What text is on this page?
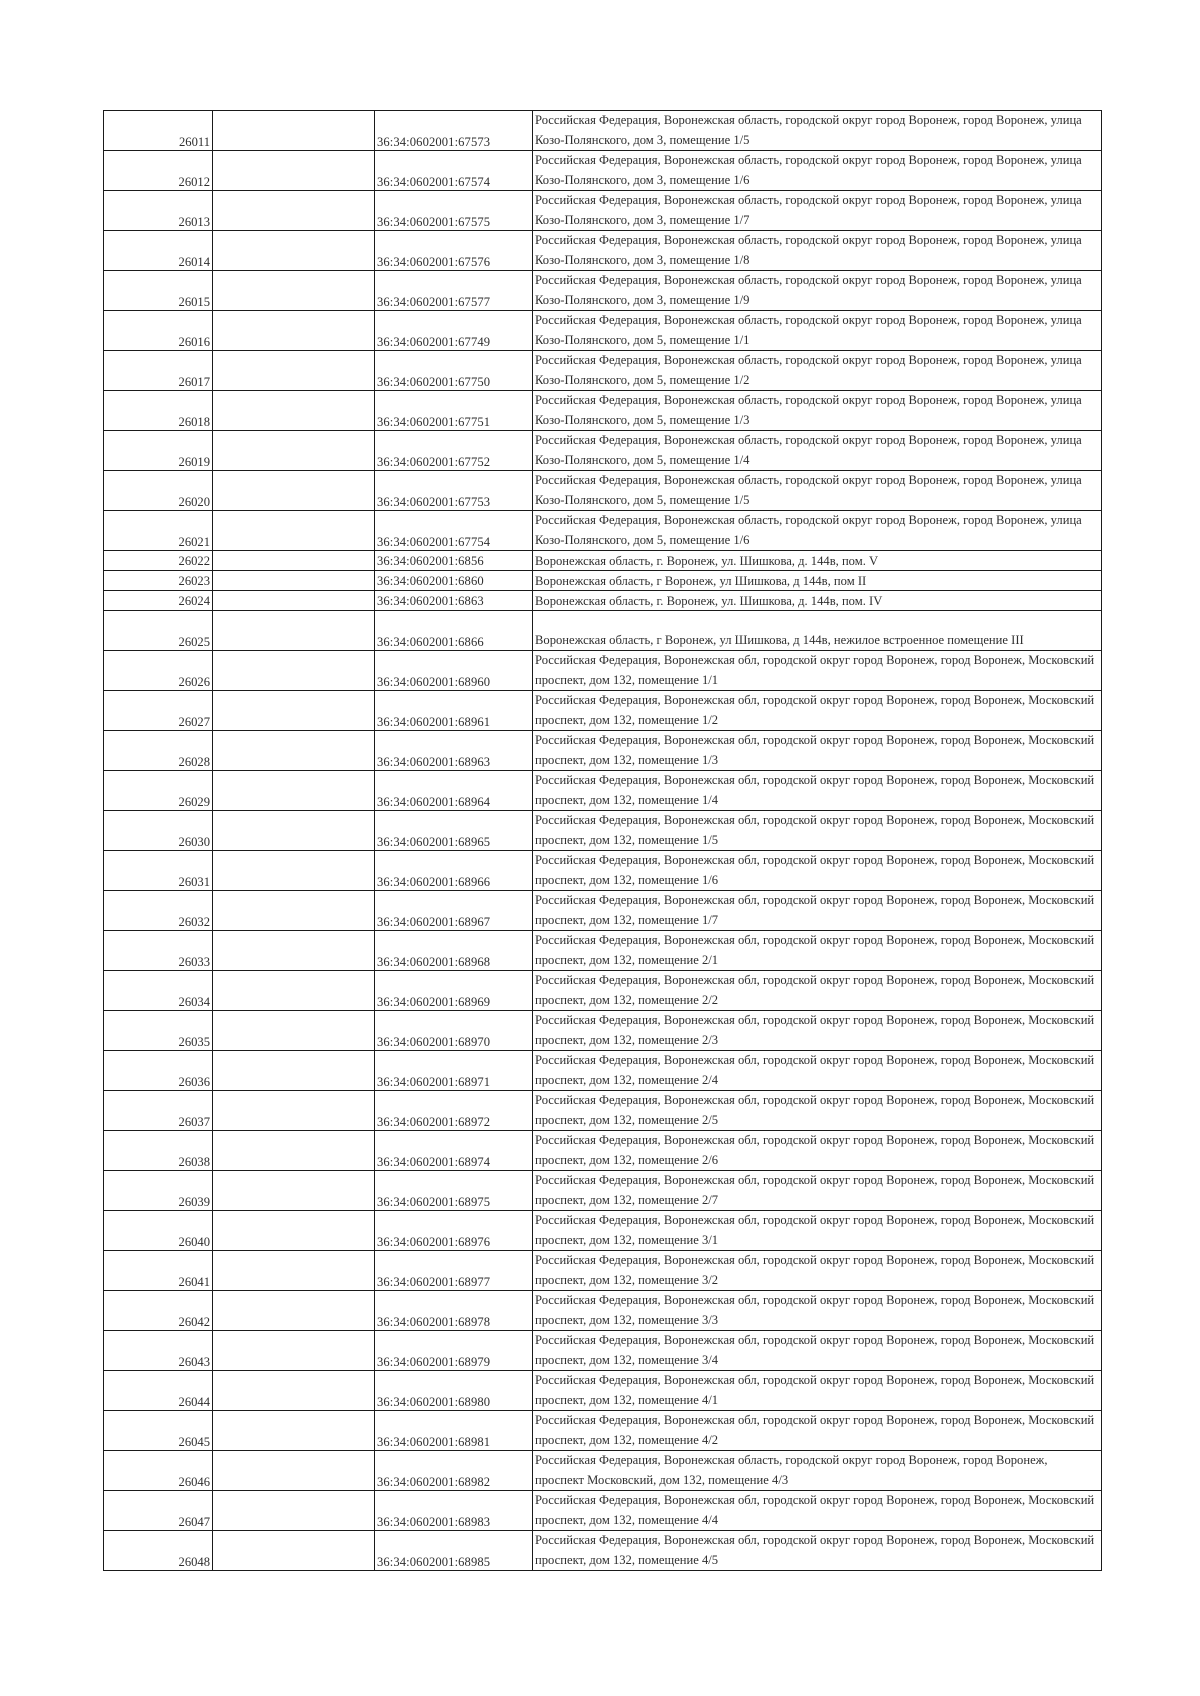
26011		36:34:0602001:67573	Российская Федерация, Воронежская область, городской округ город Воронеж, город Воронеж, улица Козо-Полянского, дом 3, помещение 1/5
26012		36:34:0602001:67574	Российская Федерация, Воронежская область, городской округ город Воронеж, город Воронеж, улица Козо-Полянского, дом 3, помещение 1/6
26013		36:34:0602001:67575	Российская Федерация, Воронежская область, городской округ город Воронеж, город Воронеж, улица Козо-Полянского, дом 3, помещение 1/7
26014		36:34:0602001:67576	Российская Федерация, Воронежская область, городской округ город Воронеж, город Воронеж, улица Козо-Полянского, дом 3, помещение 1/8
26015		36:34:0602001:67577	Российская Федерация, Воронежская область, городской округ город Воронеж, город Воронеж, улица Козо-Полянского, дом 3, помещение 1/9
26016		36:34:0602001:67749	Российская Федерация, Воронежская область, городской округ город Воронеж, город Воронеж, улица Козо-Полянского, дом 5, помещение 1/1
26017		36:34:0602001:67750	Российская Федерация, Воронежская область, городской округ город Воронеж, город Воронеж, улица Козо-Полянского, дом 5, помещение 1/2
26018		36:34:0602001:67751	Российская Федерация, Воронежская область, городской округ город Воронеж, город Воронеж, улица Козо-Полянского, дом 5, помещение 1/3
26019		36:34:0602001:67752	Российская Федерация, Воронежская область, городской округ город Воронеж, город Воронеж, улица Козо-Полянского, дом 5, помещение 1/4
26020		36:34:0602001:67753	Российская Федерация, Воронежская область, городской округ город Воронеж, город Воронеж, улица Козо-Полянского, дом 5, помещение 1/5
26021		36:34:0602001:67754	Российская Федерация, Воронежская область, городской округ город Воронеж, город Воронеж, улица Козо-Полянского, дом 5, помещение 1/6
26022		36:34:0602001:6856	Воронежская область, г. Воронеж, ул. Шишкова, д. 144в, пом. V
26023		36:34:0602001:6860	Воронежская область, г Воронеж, ул Шишкова, д 144в, пом II
26024		36:34:0602001:6863	Воронежская область, г. Воронеж, ул. Шишкова, д. 144в, пом. IV
26025		36:34:0602001:6866	Воронежская область, г Воронеж, ул Шишкова, д 144в, нежилое встроенное помещение III
26026		36:34:0602001:68960	Российская Федерация, Воронежская обл, городской округ город Воронеж, город Воронеж, Московский проспект, дом 132, помещение 1/1
26027		36:34:0602001:68961	Российская Федерация, Воронежская обл, городской округ город Воронеж, город Воронеж, Московский проспект, дом 132, помещение 1/2
26028		36:34:0602001:68963	Российская Федерация, Воронежская обл, городской округ город Воронеж, город Воронеж, Московский проспект, дом 132, помещение 1/3
26029		36:34:0602001:68964	Российская Федерация, Воронежская обл, городской округ город Воронеж, город Воронеж, Московский проспект, дом 132, помещение 1/4
26030		36:34:0602001:68965	Российская Федерация, Воронежская обл, городской округ город Воронеж, город Воронеж, Московский проспект, дом 132, помещение 1/5
26031		36:34:0602001:68966	Российская Федерация, Воронежская обл, городской округ город Воронеж, город Воронеж, Московский проспект, дом 132, помещение 1/6
26032		36:34:0602001:68967	Российская Федерация, Воронежская обл, городской округ город Воронеж, город Воронеж, Московский проспект, дом 132, помещение 1/7
26033		36:34:0602001:68968	Российская Федерация, Воронежская обл, городской округ город Воронеж, город Воронеж, Московский проспект, дом 132, помещение 2/1
26034		36:34:0602001:68969	Российская Федерация, Воронежская обл, городской округ город Воронеж, город Воронеж, Московский проспект, дом 132, помещение 2/2
26035		36:34:0602001:68970	Российская Федерация, Воронежская обл, городской округ город Воронеж, город Воронеж, Московский проспект, дом 132, помещение 2/3
26036		36:34:0602001:68971	Российская Федерация, Воронежская обл, городской округ город Воронеж, город Воронеж, Московский проспект, дом 132, помещение 2/4
26037		36:34:0602001:68972	Российская Федерация, Воронежская обл, городской округ город Воронеж, город Воронеж, Московский проспект, дом 132, помещение 2/5
26038		36:34:0602001:68974	Российская Федерация, Воронежская обл, городской округ город Воронеж, город Воронеж, Московский проспект, дом 132, помещение 2/6
26039		36:34:0602001:68975	Российская Федерация, Воронежская обл, городской округ город Воронеж, город Воронеж, Московский проспект, дом 132, помещение 2/7
26040		36:34:0602001:68976	Российская Федерация, Воронежская обл, городской округ город Воронеж, город Воронеж, Московский проспект, дом 132, помещение 3/1
26041		36:34:0602001:68977	Российская Федерация, Воронежская обл, городской округ город Воронеж, город Воронеж, Московский проспект, дом 132, помещение 3/2
26042		36:34:0602001:68978	Российская Федерация, Воронежская обл, городской округ город Воронеж, город Воронеж, Московский проспект, дом 132, помещение 3/3
26043		36:34:0602001:68979	Российская Федерация, Воронежская обл, городской округ город Воронеж, город Воронеж, Московский проспект, дом 132, помещение 3/4
26044		36:34:0602001:68980	Российская Федерация, Воронежская обл, городской округ город Воронеж, город Воронеж, Московский проспект, дом 132, помещение 4/1
26045		36:34:0602001:68981	Российская Федерация, Воронежская обл, городской округ город Воронеж, город Воронеж, Московский проспект, дом 132, помещение 4/2
26046		36:34:0602001:68982	Российская Федерация, Воронежская область, городской округ город Воронеж, город Воронеж, проспект Московский, дом 132, помещение 4/3
26047		36:34:0602001:68983	Российская Федерация, Воронежская обл, городской округ город Воронеж, город Воронеж, Московский проспект, дом 132, помещение 4/4
26048		36:34:0602001:68985	Российская Федерация, Воронежская обл, городской округ город Воронеж, город Воронеж, Московский проспект, дом 132, помещение 4/5
